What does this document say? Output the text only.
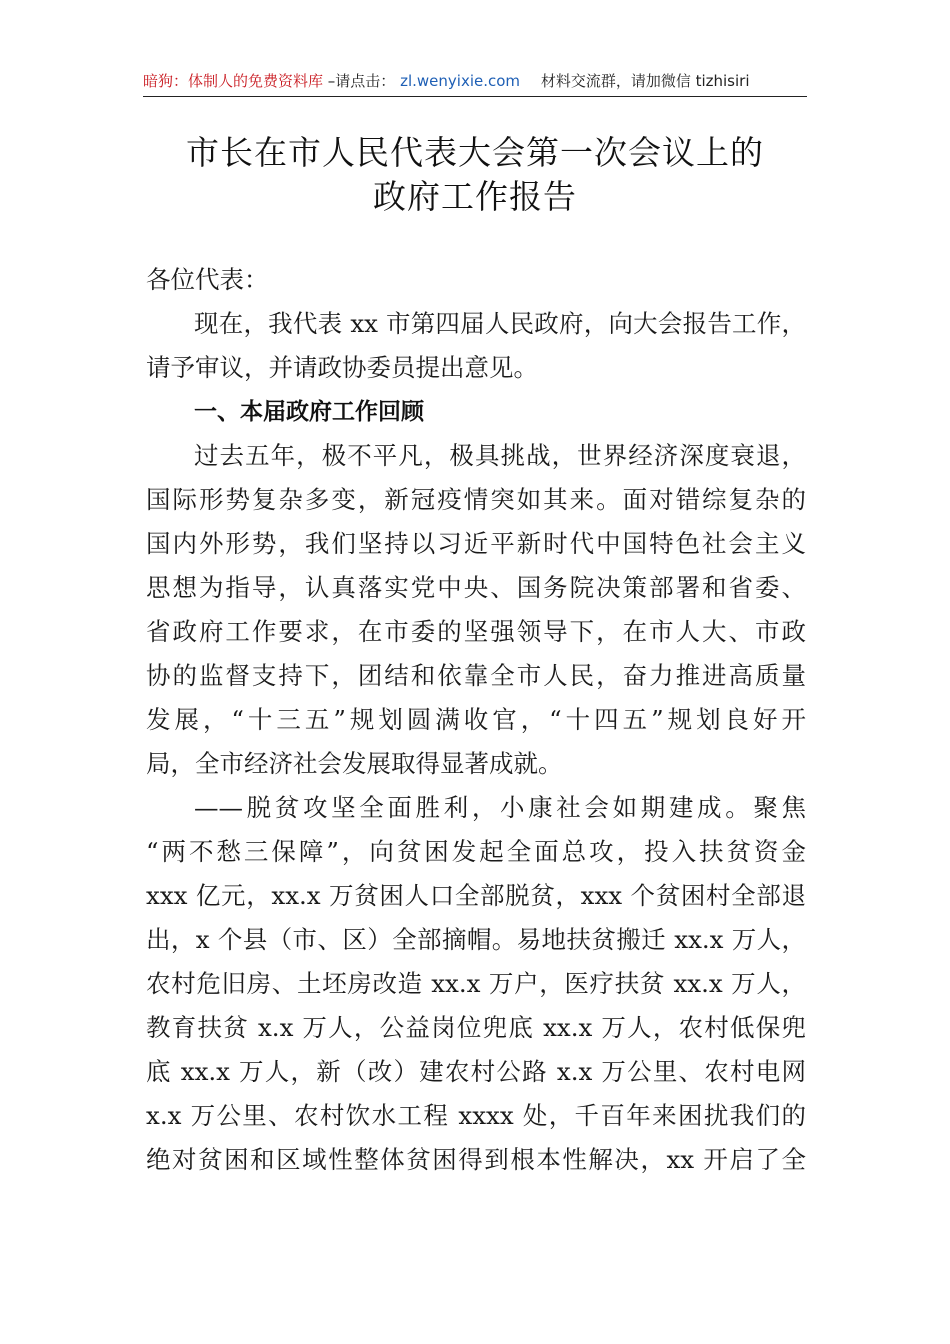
暗狗：体制人的免费资料库 –请点击： zl.wenyixie.com 材料交流群，请加微信 tizhisiri
市长在市人民代表大会第一次会议上的
政府工作报告
各位代表：
现在，我代表 xx 市第四届人民政府，向大会报告工作，
请予审议，并请政协委员提出意见。
一、本届政府工作回顾
过去五年，极不平凡，极具挑战，世界经济深度衰退，
国际形势复杂多变，新冠疫情突如其来。面对错综复杂的
国内外形势，我们坚持以习近平新时代中国特色社会主义
思想为指导，认真落实党中央、国务院决策部署和省委、
省政府工作要求，在市委的坚强领导下，在市人大、市政
协的监督支持下，团结和依靠全市人民，奋力推进高质量
发展，“十三五”规划圆满收官，“十四五”规划良好开
局，全市经济社会发展取得显著成就。
——脱贫攻坚全面胜利，小康社会如期建成。聚焦
“两不愁三保障”，向贫困发起全面总攻，投入扶贫资金
xxx 亿元，xx.x 万贫困人口全部脱贫，xxx 个贫困村全部退
出，x 个县（市、区）全部摘帽。易地扶贫搬迁 xx.x 万人，
农村危旧房、土坯房改造 xx.x 万户，医疗扶贫 xx.x 万人，
教育扶贫 x.x 万人，公益岗位兜底 xx.x 万人，农村低保兜
底 xx.x 万人，新（改）建农村公路 x.x 万公里、农村电网
x.x 万公里、农村饮水工程 xxxx 处，千百年来困扰我们的
绝对贫困和区域性整体贫困得到根本性解决，xx 开启了全
